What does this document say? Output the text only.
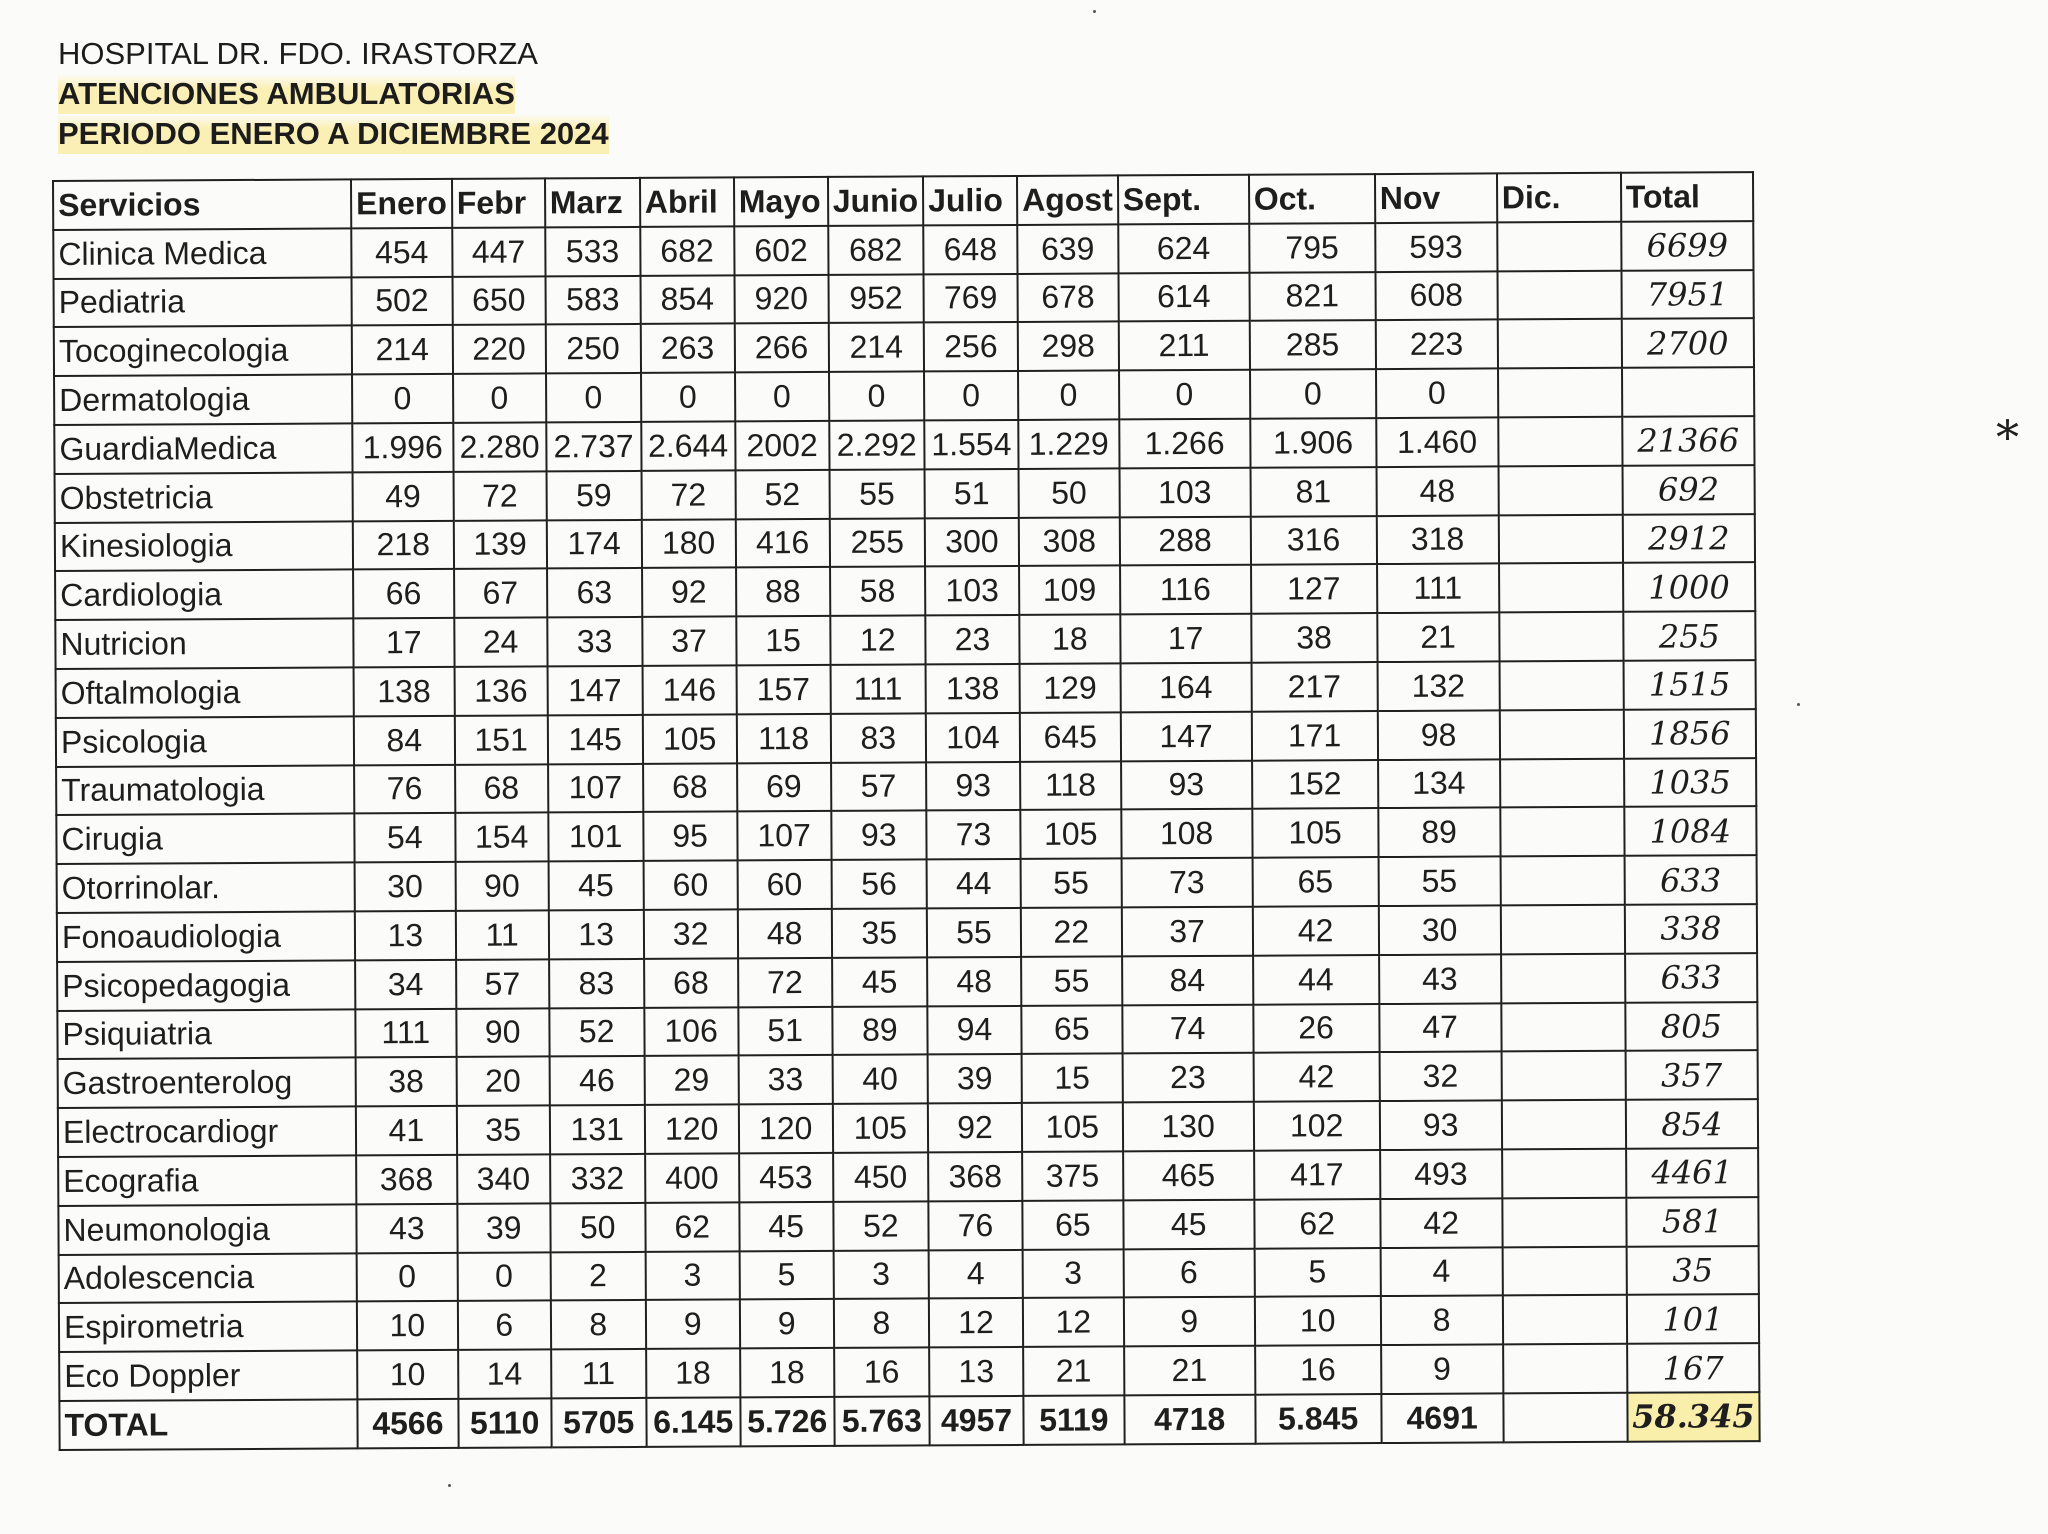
HOSPITAL DR. FDO. IRASTORZA
ATENCIONES AMBULATORIAS
PERIODO ENERO A DICIEMBRE 2024
Servicios	Enero	Febr	Marz	Abril	Mayo	Junio	Julio	Agost	Sept.	Oct.	Nov	Dic.	Total
Clinica Medica	454	447	533	682	602	682	648	639	624	795	593		6699
Pediatria	502	650	583	854	920	952	769	678	614	821	608		7951
Tocoginecologia	214	220	250	263	266	214	256	298	211	285	223		2700
Dermatologia	0	0	0	0	0	0	0	0	0	0	0		
GuardiaMedica	1.996	2.280	2.737	2.644	2002	2.292	1.554	1.229	1.266	1.906	1.460		21366
Obstetricia	49	72	59	72	52	55	51	50	103	81	48		692
Kinesiologia	218	139	174	180	416	255	300	308	288	316	318		2912
Cardiologia	66	67	63	92	88	58	103	109	116	127	111		1000
Nutricion	17	24	33	37	15	12	23	18	17	38	21		255
Oftalmologia	138	136	147	146	157	111	138	129	164	217	132		1515
Psicologia	84	151	145	105	118	83	104	645	147	171	98		1856
Traumatologia	76	68	107	68	69	57	93	118	93	152	134		1035
Cirugia	54	154	101	95	107	93	73	105	108	105	89		1084
Otorrinolar.	30	90	45	60	60	56	44	55	73	65	55		633
Fonoaudiologia	13	11	13	32	48	35	55	22	37	42	30		338
Psicopedagogia	34	57	83	68	72	45	48	55	84	44	43		633
Psiquiatria	111	90	52	106	51	89	94	65	74	26	47		805
Gastroenterolog	38	20	46	29	33	40	39	15	23	42	32		357
Electrocardiogr	41	35	131	120	120	105	92	105	130	102	93		854
Ecografia	368	340	332	400	453	450	368	375	465	417	493		4461
Neumonologia	43	39	50	62	45	52	76	65	45	62	42		581
Adolescencia	0	0	2	3	5	3	4	3	6	5	4		35
Espirometria	10	6	8	9	9	8	12	12	9	10	8		101
Eco Doppler	10	14	11	18	18	16	13	21	21	16	9		167
TOTAL	4566	5110	5705	6.145	5.726	5.763	4957	5119	4718	5.845	4691		58.345
*
